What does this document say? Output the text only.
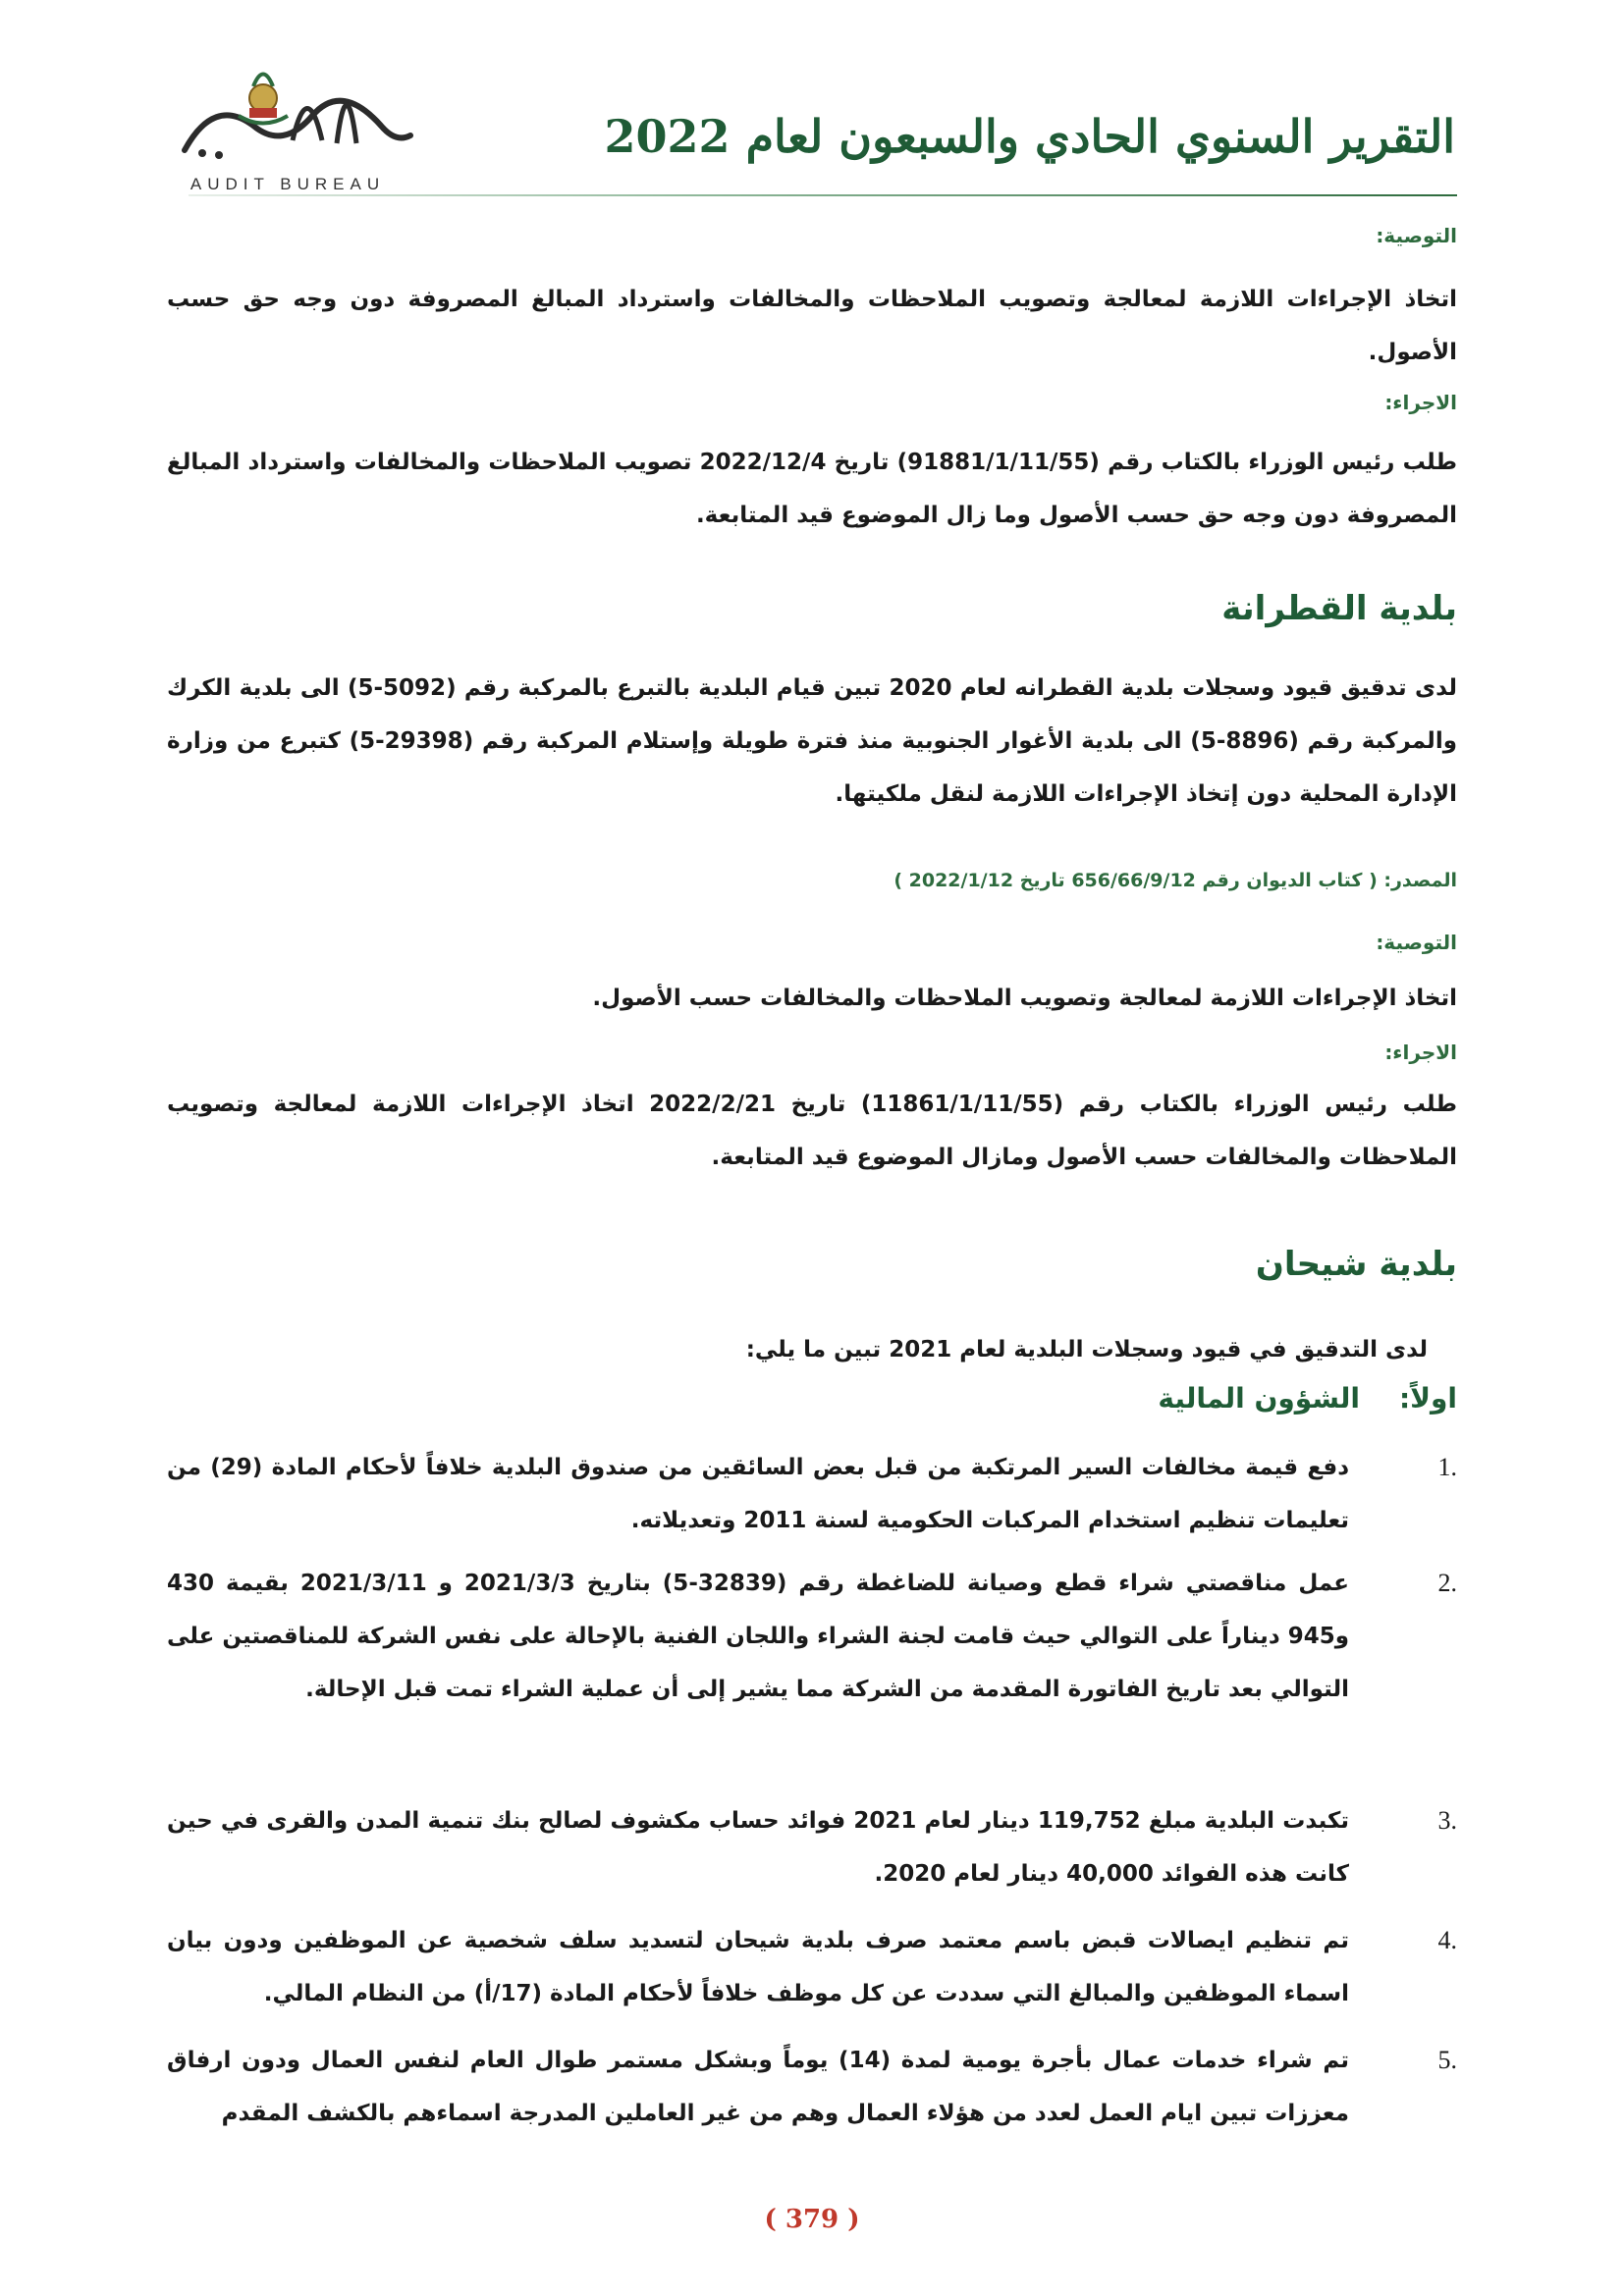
التقرير السنوي الحادي والسبعون لعام 2022
AUDIT BUREAU
التوصية:
اتخاذ الإجراءات اللازمة لمعالجة وتصويب الملاحظات والمخالفات واسترداد المبالغ المصروفة دون وجه حق حسب الأصول.
الاجراء:
طلب رئيس الوزراء بالكتاب رقم (91881/1/11/55) تاريخ 2022/12/4 تصويب الملاحظات والمخالفات واسترداد المبالغ المصروفة دون وجه حق حسب الأصول وما زال الموضوع قيد المتابعة.
بلدية القطرانة
لدى تدقيق قيود وسجلات بلدية القطرانه لعام 2020 تبين قيام البلدية بالتبرع بالمركبة رقم (5092-5) الى بلدية الكرك والمركبة رقم (8896-5) الى بلدية الأغوار الجنوبية منذ فترة طويلة وإستلام المركبة رقم (29398-5) كتبرع من وزارة الإدارة المحلية دون إتخاذ الإجراءات اللازمة لنقل ملكيتها.
المصدر: ( كتاب الديوان رقم 656/66/9/12 تاريخ 2022/1/12 )
التوصية:
اتخاذ الإجراءات اللازمة لمعالجة وتصويب الملاحظات والمخالفات حسب الأصول.
الاجراء:
طلب رئيس الوزراء بالكتاب رقم (11861/1/11/55) تاريخ 2022/2/21 اتخاذ الإجراءات اللازمة لمعالجة وتصويب الملاحظات والمخالفات حسب الأصول ومازال الموضوع قيد المتابعة.
بلدية شيحان
لدى التدقيق في قيود وسجلات البلدية لعام 2021 تبين ما يلي:
اولاً:الشؤون المالية
.1
دفع قيمة مخالفات السير المرتكبة من قبل بعض السائقين من صندوق البلدية خلافاً لأحكام المادة (29) من تعليمات تنظيم استخدام المركبات الحكومية لسنة 2011 وتعديلاته.
.2
عمل مناقصتي شراء قطع وصيانة للضاغطة رقم (32839-5) بتاريخ 2021/3/3 و 2021/3/11 بقيمة 430 و945 ديناراً على التوالي حيث قامت لجنة الشراء واللجان الفنية بالإحالة على نفس الشركة للمناقصتين على التوالي بعد تاريخ الفاتورة المقدمة من الشركة مما يشير إلى أن عملية الشراء تمت قبل الإحالة.
.3
تكبدت البلدية مبلغ 119,752 دينار لعام 2021 فوائد حساب مكشوف لصالح بنك تنمية المدن والقرى في حين كانت هذه الفوائد 40,000 دينار لعام 2020.
.4
تم تنظيم ايصالات قبض باسم معتمد صرف بلدية شيحان لتسديد سلف شخصية عن الموظفين ودون بيان اسماء الموظفين والمبالغ التي سددت عن كل موظف خلافاً لأحكام المادة (17/أ) من النظام المالي.
.5
تم شراء خدمات عمال بأجرة يومية لمدة (14) يوماً وبشكل مستمر طوال العام لنفس العمال ودون ارفاق معززات تبين ايام العمل لعدد من هؤلاء العمال وهم من غير العاملين المدرجة اسماءهم بالكشف المقدم
( 379 )
